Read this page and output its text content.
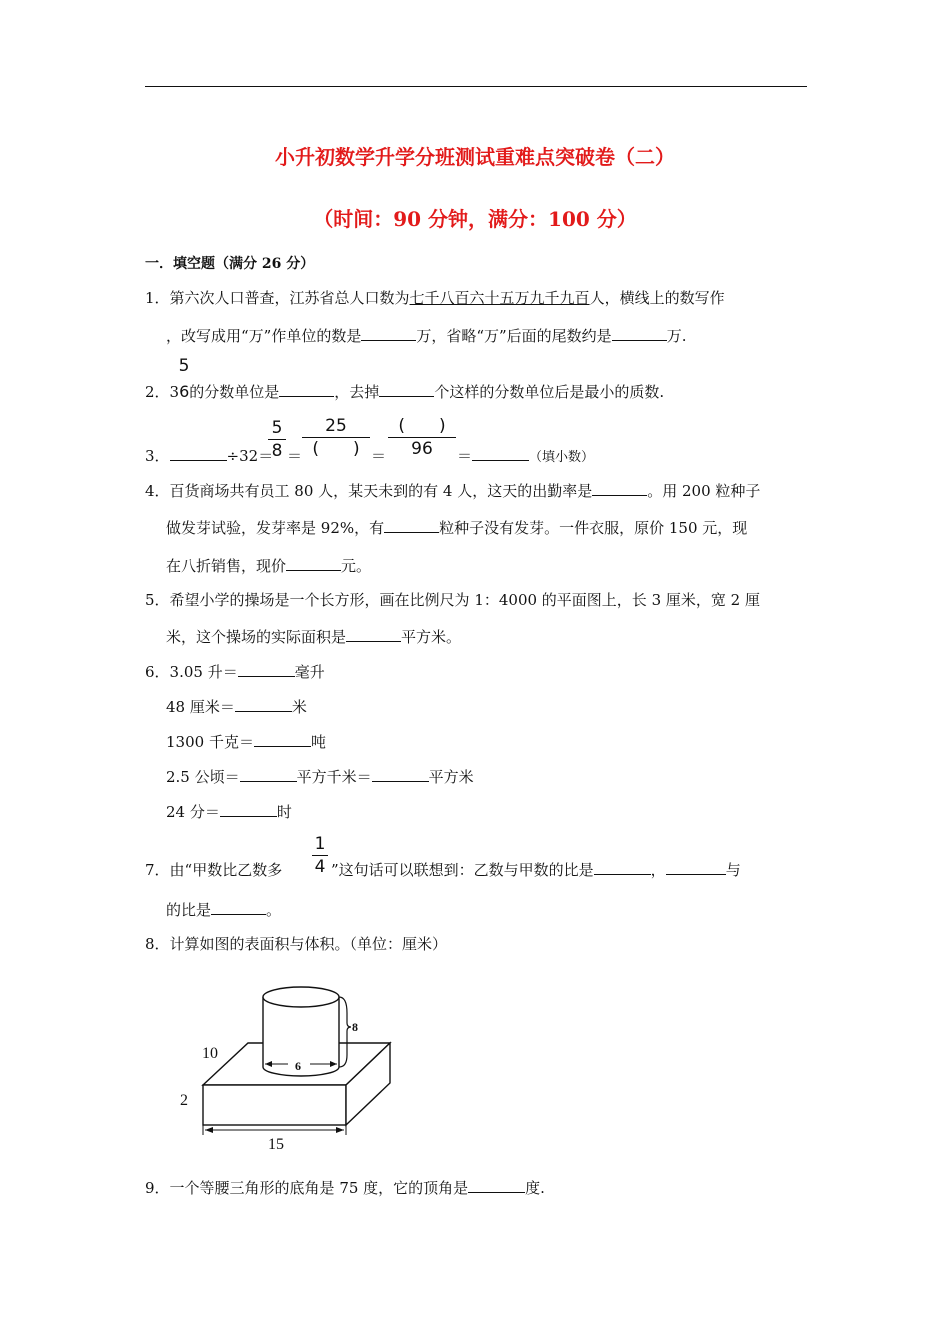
小升初数学升学分班测试重难点突破卷（二）
（时间：90 分钟，满分：100 分）
一．填空题（满分 26 分）
1．第六次人口普查，江苏省总人口数为七千八百六十五万九千九百人，横线上的数写作
，改写成用“万”作单位的数是	万，省略“万”后面的尾数约是	万.
5
2．36的分数单位是	，去掉	个这样的分数单位后是最小的质数.
3．	÷32＝
5
8 ＝
25
(　　) ＝
(　　)
96	＝	（填小数）
4．百货商场共有员工 80 人，某天未到的有 4 人，这天的出勤率是	。用 200 粒种子
做发芽试验，发芽率是 92%，有	粒种子没有发芽。一件衣服，原价 150 元，现
在八折销售，现价	元。
5．希望小学的操场是一个长方形，画在比例尺为 1：4000 的平面图上，长 3 厘米，宽 2 厘
米，这个操场的实际面积是	平方米。
6．3.05 升＝	毫升
48 厘米＝	米
1300 千克＝	吨
2.5 公顷＝	平方千米＝	平方米
24 分＝	时
1
4
7．由“甲数比乙数多	”这句话可以联想到：乙数与甲数的比是	，	与
的比是	。
8．计算如图的表面积与体积。（单位：厘米）
10
2
15
6
8
9．一个等腰三角形的底角是 75 度，它的顶角是	度.
